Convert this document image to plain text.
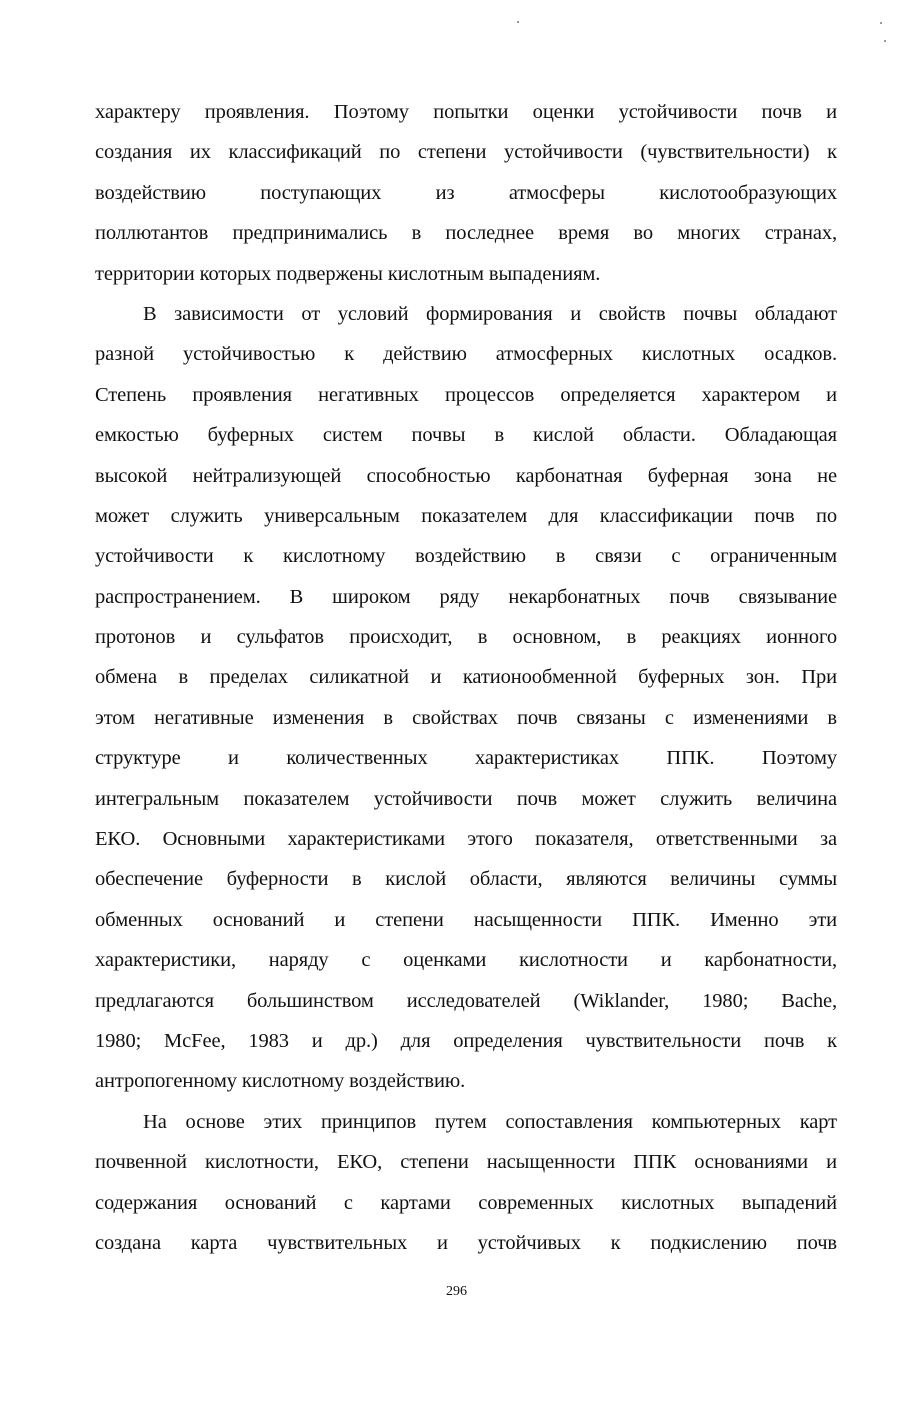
характеру проявления. Поэтому попытки оценки устойчивости почв и
создания их классификаций по степени устойчивости (чувствительности) к
воздействию поступающих из атмосферы кислотообразующих
поллютантов предпринимались в последнее время во многих странах,
территории которых подвержены кислотным выпадениям.
В зависимости от условий формирования и свойств почвы обладают
разной устойчивостью к действию атмосферных кислотных осадков.
Степень проявления негативных процессов определяется характером и
емкостью буферных систем почвы в кислой области. Обладающая
высокой нейтрализующей способностью карбонатная буферная зона не
может служить универсальным показателем для классификации почв по
устойчивости к кислотному воздействию в связи с ограниченным
распространением. В широком ряду некарбонатных почв связывание
протонов и сульфатов происходит, в основном, в реакциях ионного
обмена в пределах силикатной и катионообменной буферных зон. При
этом негативные изменения в свойствах почв связаны с изменениями в
структуре и количественных характеристиках ППК. Поэтому
интегральным показателем устойчивости почв может служить величина
ЕКО. Основными характеристиками этого показателя, ответственными за
обеспечение буферности в кислой области, являются величины суммы
обменных оснований и степени насыщенности ППК. Именно эти
характеристики, наряду с оценками кислотности и карбонатности,
предлагаются большинством исследователей (Wiklander, 1980; Bache,
1980; McFee, 1983 и др.) для определения чувствительности почв к
антропогенному кислотному воздействию.
На основе этих принципов путем сопоставления компьютерных карт
почвенной кислотности, ЕКО, степени насыщенности ППК основаниями и
содержания оснований с картами современных кислотных выпадений
создана карта чувствительных и устойчивых к подкислению почв
296
